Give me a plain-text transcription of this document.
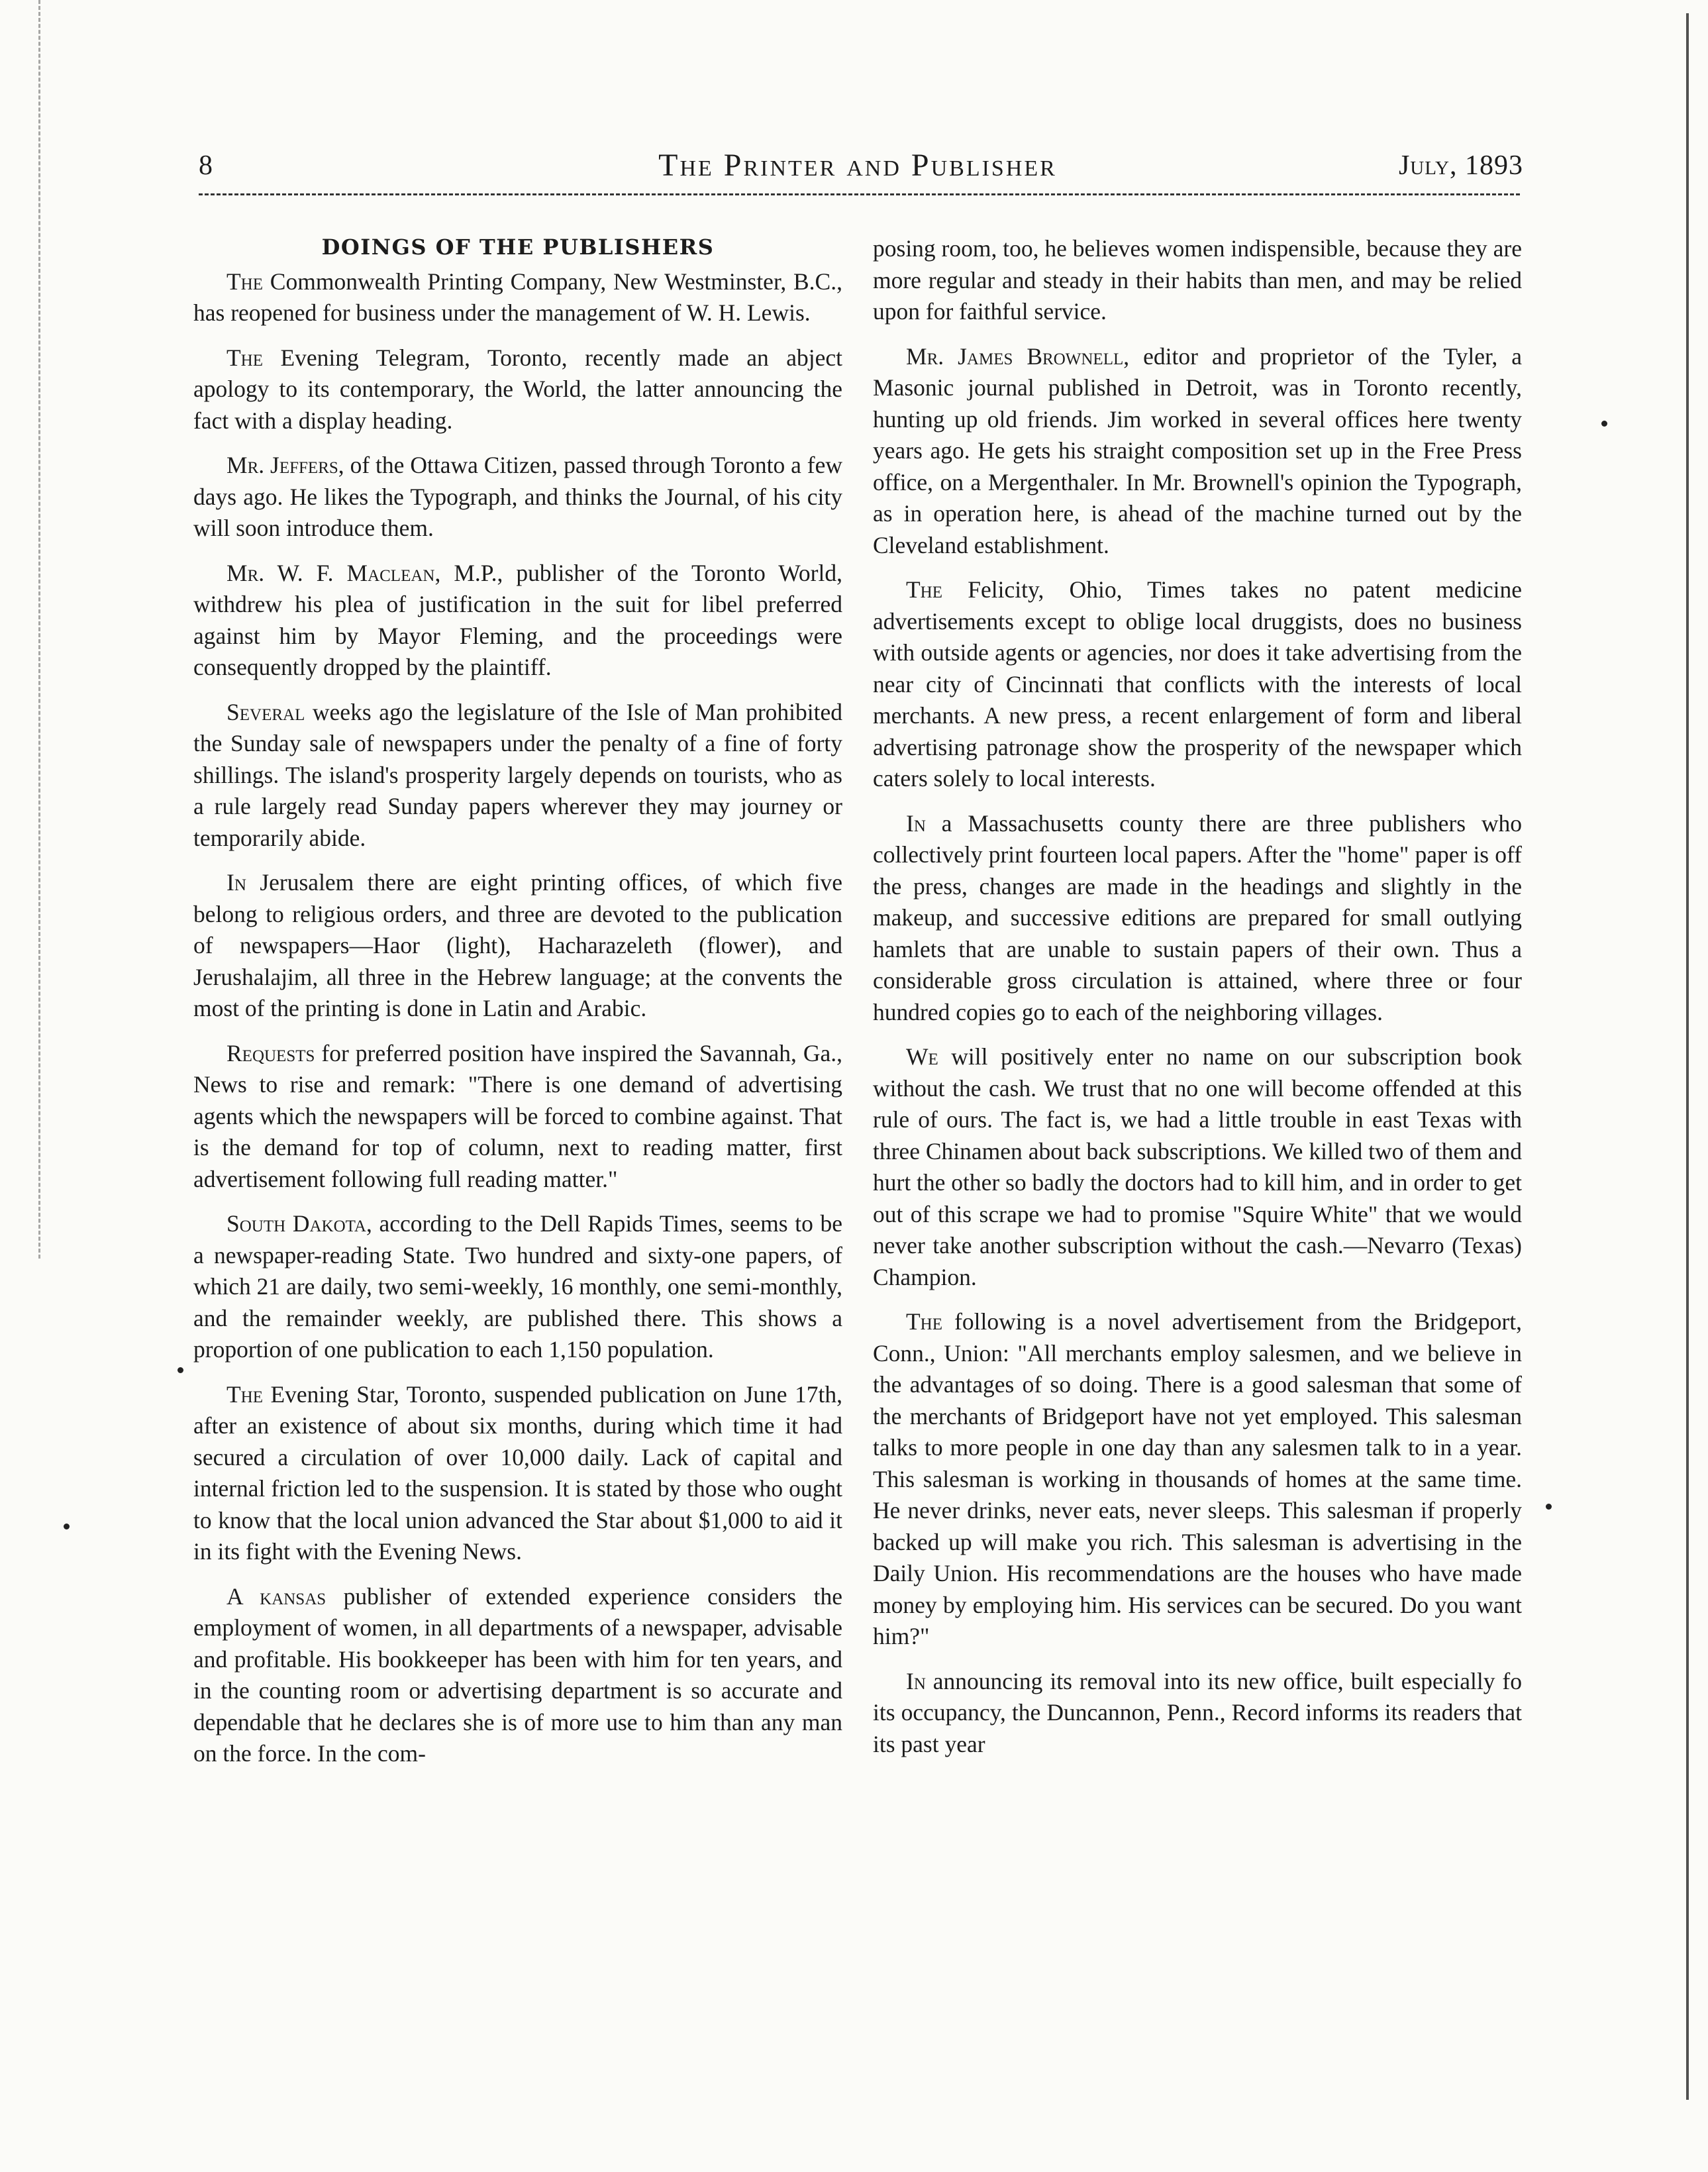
8	The Printer and Publisher	July, 1893
DOINGS OF THE PUBLISHERS

The Commonwealth Printing Company, New Westminster, B.C., has reopened for business under the management of W. H. Lewis.

The Evening Telegram, Toronto, recently made an abject apology to its contemporary, the World, the latter announcing the fact with a display heading.

Mr. Jeffers, of the Ottawa Citizen, passed through Toronto a few days ago. He likes the Typograph, and thinks the Journal, of his city will soon introduce them.

Mr. W. F. Maclean, M.P., publisher of the Toronto World, withdrew his plea of justification in the suit for libel preferred against him by Mayor Fleming, and the proceedings were consequently dropped by the plaintiff.

Several weeks ago the legislature of the Isle of Man prohibited the Sunday sale of newspapers under the penalty of a fine of forty shillings. The island's prosperity largely depends on tourists, who as a rule largely read Sunday papers wherever they may journey or temporarily abide.

In Jerusalem there are eight printing offices, of which five belong to religious orders, and three are devoted to the publication of newspapers—Haor (light), Hacharazeleth (flower), and Jerushalajim, all three in the Hebrew language; at the convents the most of the printing is done in Latin and Arabic.

Requests for preferred position have inspired the Savannah, Ga., News to rise and remark: "There is one demand of advertising agents which the newspapers will be forced to combine against. That is the demand for top of column, next to reading matter, first advertisement following full reading matter."

South Dakota, according to the Dell Rapids Times, seems to be a newspaper-reading State. Two hundred and sixty-one papers, of which 21 are daily, two semi-weekly, 16 monthly, one semi-monthly, and the remainder weekly, are published there. This shows a proportion of one publication to each 1,150 population.

The Evening Star, Toronto, suspended publication on June 17th, after an existence of about six months, during which time it had secured a circulation of over 10,000 daily. Lack of capital and internal friction led to the suspension. It is stated by those who ought to know that the local union advanced the Star about $1,000 to aid it in its fight with the Evening News.

A kansas publisher of extended experience considers the employment of women, in all departments of a newspaper, advisable and profitable. His bookkeeper has been with him for ten years, and in the counting room or advertising department is so accurate and dependable that he declares she is of more use to him than any man on the force. In the com-

posing room, too, he believes women indispensible, because they are more regular and steady in their habits than men, and may be relied upon for faithful service.

Mr. James Brownell, editor and proprietor of the Tyler, a Masonic journal published in Detroit, was in Toronto recently, hunting up old friends. Jim worked in several offices here twenty years ago. He gets his straight composition set up in the Free Press office, on a Mergenthaler. In Mr. Brownell's opinion the Typograph, as in operation here, is ahead of the machine turned out by the Cleveland establishment.

The Felicity, Ohio, Times takes no patent medicine advertisements except to oblige local druggists, does no business with outside agents or agencies, nor does it take advertising from the near city of Cincinnati that conflicts with the interests of local merchants. A new press, a recent enlargement of form and liberal advertising patronage show the prosperity of the newspaper which caters solely to local interests.

In a Massachusetts county there are three publishers who collectively print fourteen local papers. After the "home" paper is off the press, changes are made in the headings and slightly in the makeup, and successive editions are prepared for small outlying hamlets that are unable to sustain papers of their own. Thus a considerable gross circulation is attained, where three or four hundred copies go to each of the neighboring villages.

We will positively enter no name on our subscription book without the cash. We trust that no one will become offended at this rule of ours. The fact is, we had a little trouble in east Texas with three Chinamen about back subscriptions. We killed two of them and hurt the other so badly the doctors had to kill him, and in order to get out of this scrape we had to promise "Squire White" that we would never take another subscription without the cash.—Nevarro (Texas) Champion.

The following is a novel advertisement from the Bridgeport, Conn., Union: "All merchants employ salesmen, and we believe in the advantages of so doing. There is a good salesman that some of the merchants of Bridgeport have not yet employed. This salesman talks to more people in one day than any salesmen talk to in a year. This salesman is working in thousands of homes at the same time. He never drinks, never eats, never sleeps. This salesman if properly backed up will make you rich. This salesman is advertising in the Daily Union. His recommendations are the houses who have made money by employing him. His services can be secured. Do you want him?"

In announcing its removal into its new office, built especially fo its occupancy, the Duncannon, Penn., Record informs its readers that its past year
